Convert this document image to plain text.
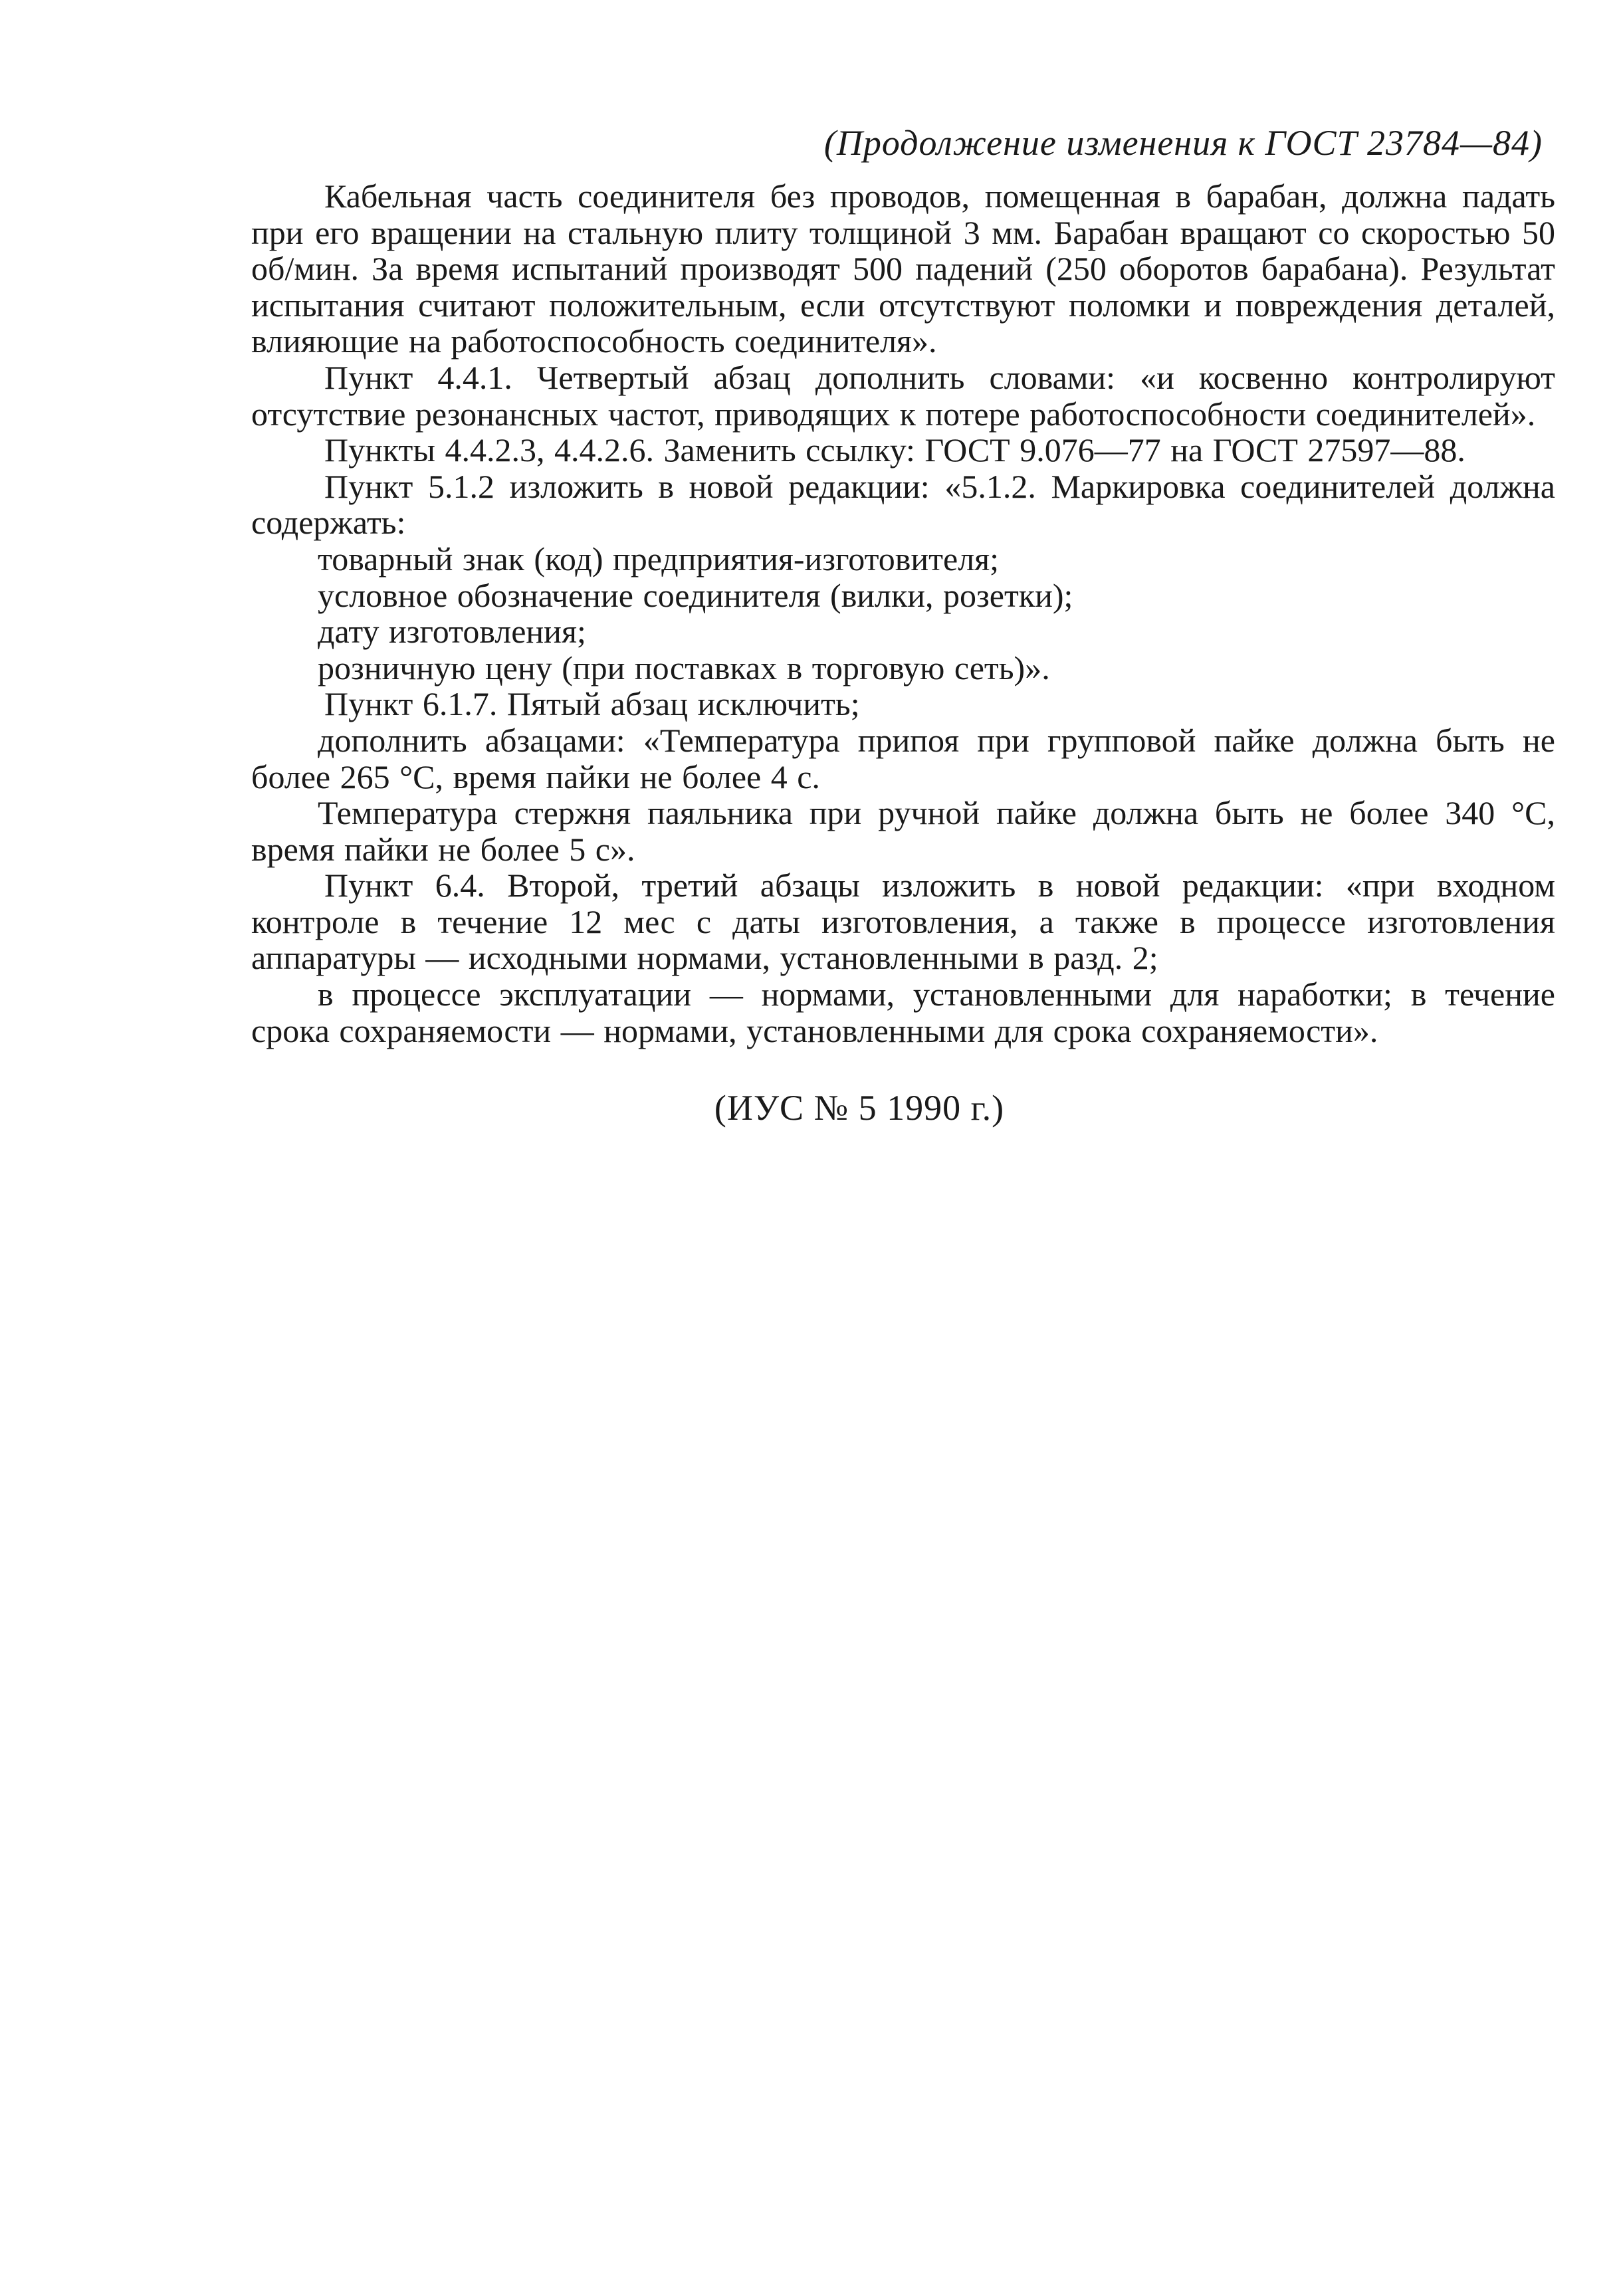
(Продолжение изменения к ГОСТ 23784—84)

Кабельная часть соединителя без проводов, помещенная в барабан, должна падать при его вращении на стальную плиту толщиной 3 мм. Барабан вращают со скоростью 50 об/мин. За время испытаний производят 500 падений (250 оборотов барабана). Результат испытания считают положительным, если отсутствуют поломки и повреждения деталей, влияющие на работоспособность соединителя».

Пункт 4.4.1. Четвертый абзац дополнить словами: «и косвенно контролируют отсутствие резонансных частот, приводящих к потере работоспособности соединителей».

Пункты 4.4.2.3, 4.4.2.6. Заменить ссылку: ГОСТ 9.076—77 на ГОСТ 27597—88.

Пункт 5.1.2 изложить в новой редакции: «5.1.2. Маркировка соединителей должна содержать:

товарный знак (код) предприятия-изготовителя;

условное обозначение соединителя (вилки, розетки);

дату изготовления;

розничную цену (при поставках в торговую сеть)».

Пункт 6.1.7. Пятый абзац исключить;

дополнить абзацами: «Температура припоя при групповой пайке должна быть не более 265 °С, время пайки не более 4 с.

Температура стержня паяльника при ручной пайке должна быть не более 340 °С, время пайки не более 5 с».

Пункт 6.4. Второй, третий абзацы изложить в новой редакции: «при входном контроле в течение 12 мес с даты изготовления, а также в процессе изготовления аппаратуры — исходными нормами, установленными в разд. 2;

в процессе эксплуатации — нормами, установленными для наработки; в течение срока сохраняемости — нормами, установленными для срока сохраняемости».

(ИУС № 5 1990 г.)
